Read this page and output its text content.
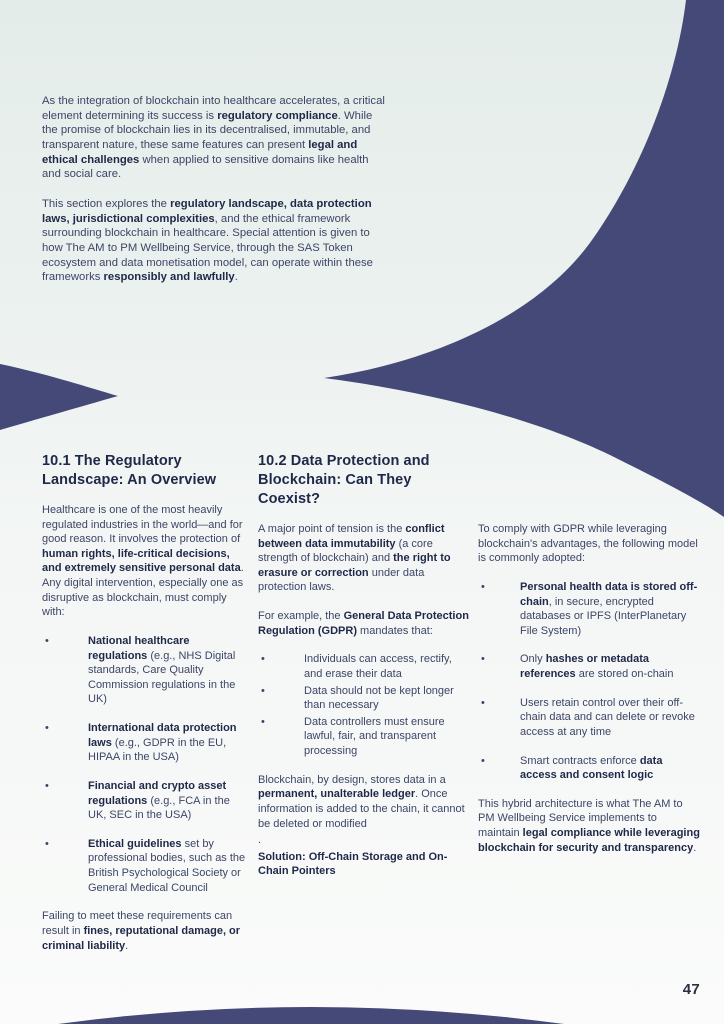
As the integration of blockchain into healthcare accelerates, a critical element determining its success is regulatory compliance. While the promise of blockchain lies in its decentralised, immutable, and transparent nature, these same features can present legal and ethical challenges when applied to sensitive domains like health and social care.

This section explores the regulatory landscape, data protection laws, jurisdictional complexities, and the ethical framework surrounding blockchain in healthcare. Special attention is given to how The AM to PM Wellbeing Service, through the SAS Token ecosystem and data monetisation model, can operate within these frameworks responsibly and lawfully.

10.1 The Regulatory Landscape: An Overview

Healthcare is one of the most heavily regulated industries in the world—and for good reason. It involves the protection of human rights, life-critical decisions, and extremely sensitive personal data. Any digital intervention, especially one as disruptive as blockchain, must comply with:

• National healthcare regulations (e.g., NHS Digital standards, Care Quality Commission regulations in the UK)
• International data protection laws (e.g., GDPR in the EU, HIPAA in the USA)
• Financial and crypto asset regulations (e.g., FCA in the UK, SEC in the USA)
• Ethical guidelines set by professional bodies, such as the British Psychological Society or General Medical Council

Failing to meet these requirements can result in fines, reputational damage, or criminal liability.

10.2 Data Protection and Blockchain: Can They Coexist?

A major point of tension is the conflict between data immutability (a core strength of blockchain) and the right to erasure or correction under data protection laws.

For example, the General Data Protection Regulation (GDPR) mandates that:

• Individuals can access, rectify, and erase their data
• Data should not be kept longer than necessary
• Data controllers must ensure lawful, fair, and transparent processing

Blockchain, by design, stores data in a permanent, unalterable ledger. Once information is added to the chain, it cannot be deleted or modified

.

Solution: Off-Chain Storage and On-Chain Pointers

To comply with GDPR while leveraging blockchain's advantages, the following model is commonly adopted:

• Personal health data is stored off-chain, in secure, encrypted databases or IPFS (InterPlanetary File System)
• Only hashes or metadata references are stored on-chain
• Users retain control over their off-chain data and can delete or revoke access at any time
• Smart contracts enforce data access and consent logic

This hybrid architecture is what The AM to PM Wellbeing Service implements to maintain legal compliance while leveraging blockchain for security and transparency.

47
